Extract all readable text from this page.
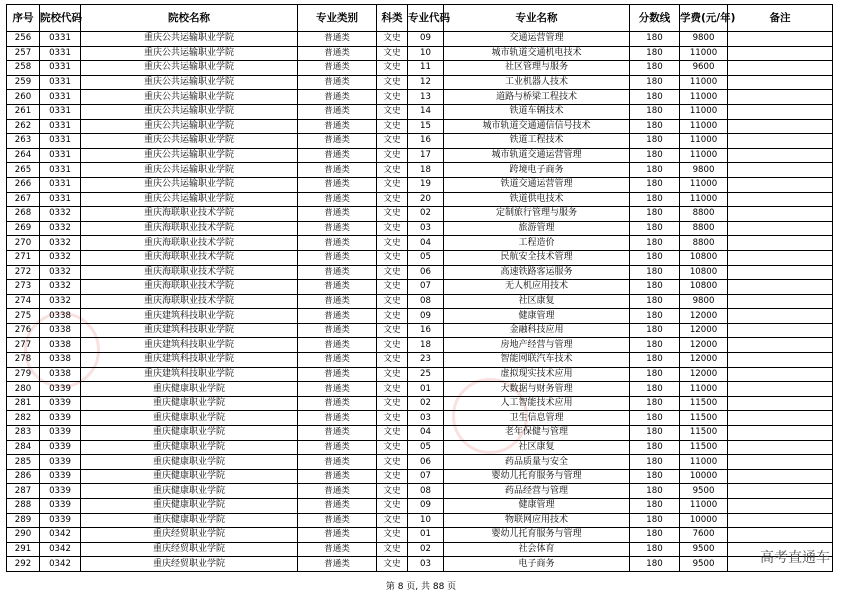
序号	院校代码	院校名称	专业类别	科类	专业代码	专业名称	分数线	学费(元/年)	备注
256	0331	重庆公共运输职业学院	普通类	文史	09	交通运营管理	180	9800	
257	0331	重庆公共运输职业学院	普通类	文史	10	城市轨道交通机电技术	180	11000	
258	0331	重庆公共运输职业学院	普通类	文史	11	社区管理与服务	180	9600	
259	0331	重庆公共运输职业学院	普通类	文史	12	工业机器人技术	180	11000	
260	0331	重庆公共运输职业学院	普通类	文史	13	道路与桥梁工程技术	180	11000	
261	0331	重庆公共运输职业学院	普通类	文史	14	铁道车辆技术	180	11000	
262	0331	重庆公共运输职业学院	普通类	文史	15	城市轨道交通通信信号技术	180	11000	
263	0331	重庆公共运输职业学院	普通类	文史	16	铁道工程技术	180	11000	
264	0331	重庆公共运输职业学院	普通类	文史	17	城市轨道交通运营管理	180	11000	
265	0331	重庆公共运输职业学院	普通类	文史	18	跨境电子商务	180	9800	
266	0331	重庆公共运输职业学院	普通类	文史	19	铁道交通运营管理	180	11000	
267	0331	重庆公共运输职业学院	普通类	文史	20	铁道供电技术	180	11000	
268	0332	重庆海联职业技术学院	普通类	文史	02	定制旅行管理与服务	180	8800	
269	0332	重庆海联职业技术学院	普通类	文史	03	旅游管理	180	8800	
270	0332	重庆海联职业技术学院	普通类	文史	04	工程造价	180	8800	
271	0332	重庆海联职业技术学院	普通类	文史	05	民航安全技术管理	180	10800	
272	0332	重庆海联职业技术学院	普通类	文史	06	高速铁路客运服务	180	10800	
273	0332	重庆海联职业技术学院	普通类	文史	07	无人机应用技术	180	10800	
274	0332	重庆海联职业技术学院	普通类	文史	08	社区康复	180	9800	
275	0338	重庆建筑科技职业学院	普通类	文史	09	健康管理	180	12000	
276	0338	重庆建筑科技职业学院	普通类	文史	16	金融科技应用	180	12000	
277	0338	重庆建筑科技职业学院	普通类	文史	18	房地产经营与管理	180	12000	
278	0338	重庆建筑科技职业学院	普通类	文史	23	智能网联汽车技术	180	12000	
279	0338	重庆建筑科技职业学院	普通类	文史	25	虚拟现实技术应用	180	12000	
280	0339	重庆健康职业学院	普通类	文史	01	大数据与财务管理	180	11000	
281	0339	重庆健康职业学院	普通类	文史	02	人工智能技术应用	180	11500	
282	0339	重庆健康职业学院	普通类	文史	03	卫生信息管理	180	11500	
283	0339	重庆健康职业学院	普通类	文史	04	老年保健与管理	180	11500	
284	0339	重庆健康职业学院	普通类	文史	05	社区康复	180	11500	
285	0339	重庆健康职业学院	普通类	文史	06	药品质量与安全	180	11000	
286	0339	重庆健康职业学院	普通类	文史	07	婴幼儿托育服务与管理	180	10000	
287	0339	重庆健康职业学院	普通类	文史	08	药品经营与管理	180	9500	
288	0339	重庆健康职业学院	普通类	文史	09	健康管理	180	11000	
289	0339	重庆健康职业学院	普通类	文史	10	物联网应用技术	180	10000	
290	0342	重庆经贸职业学院	普通类	文史	01	婴幼儿托育服务与管理	180	7600	
291	0342	重庆经贸职业学院	普通类	文史	02	社会体育	180	9500	
292	0342	重庆经贸职业学院	普通类	文史	03	电子商务	180	9500	
第 8 页, 共 88 页
高考直通车
